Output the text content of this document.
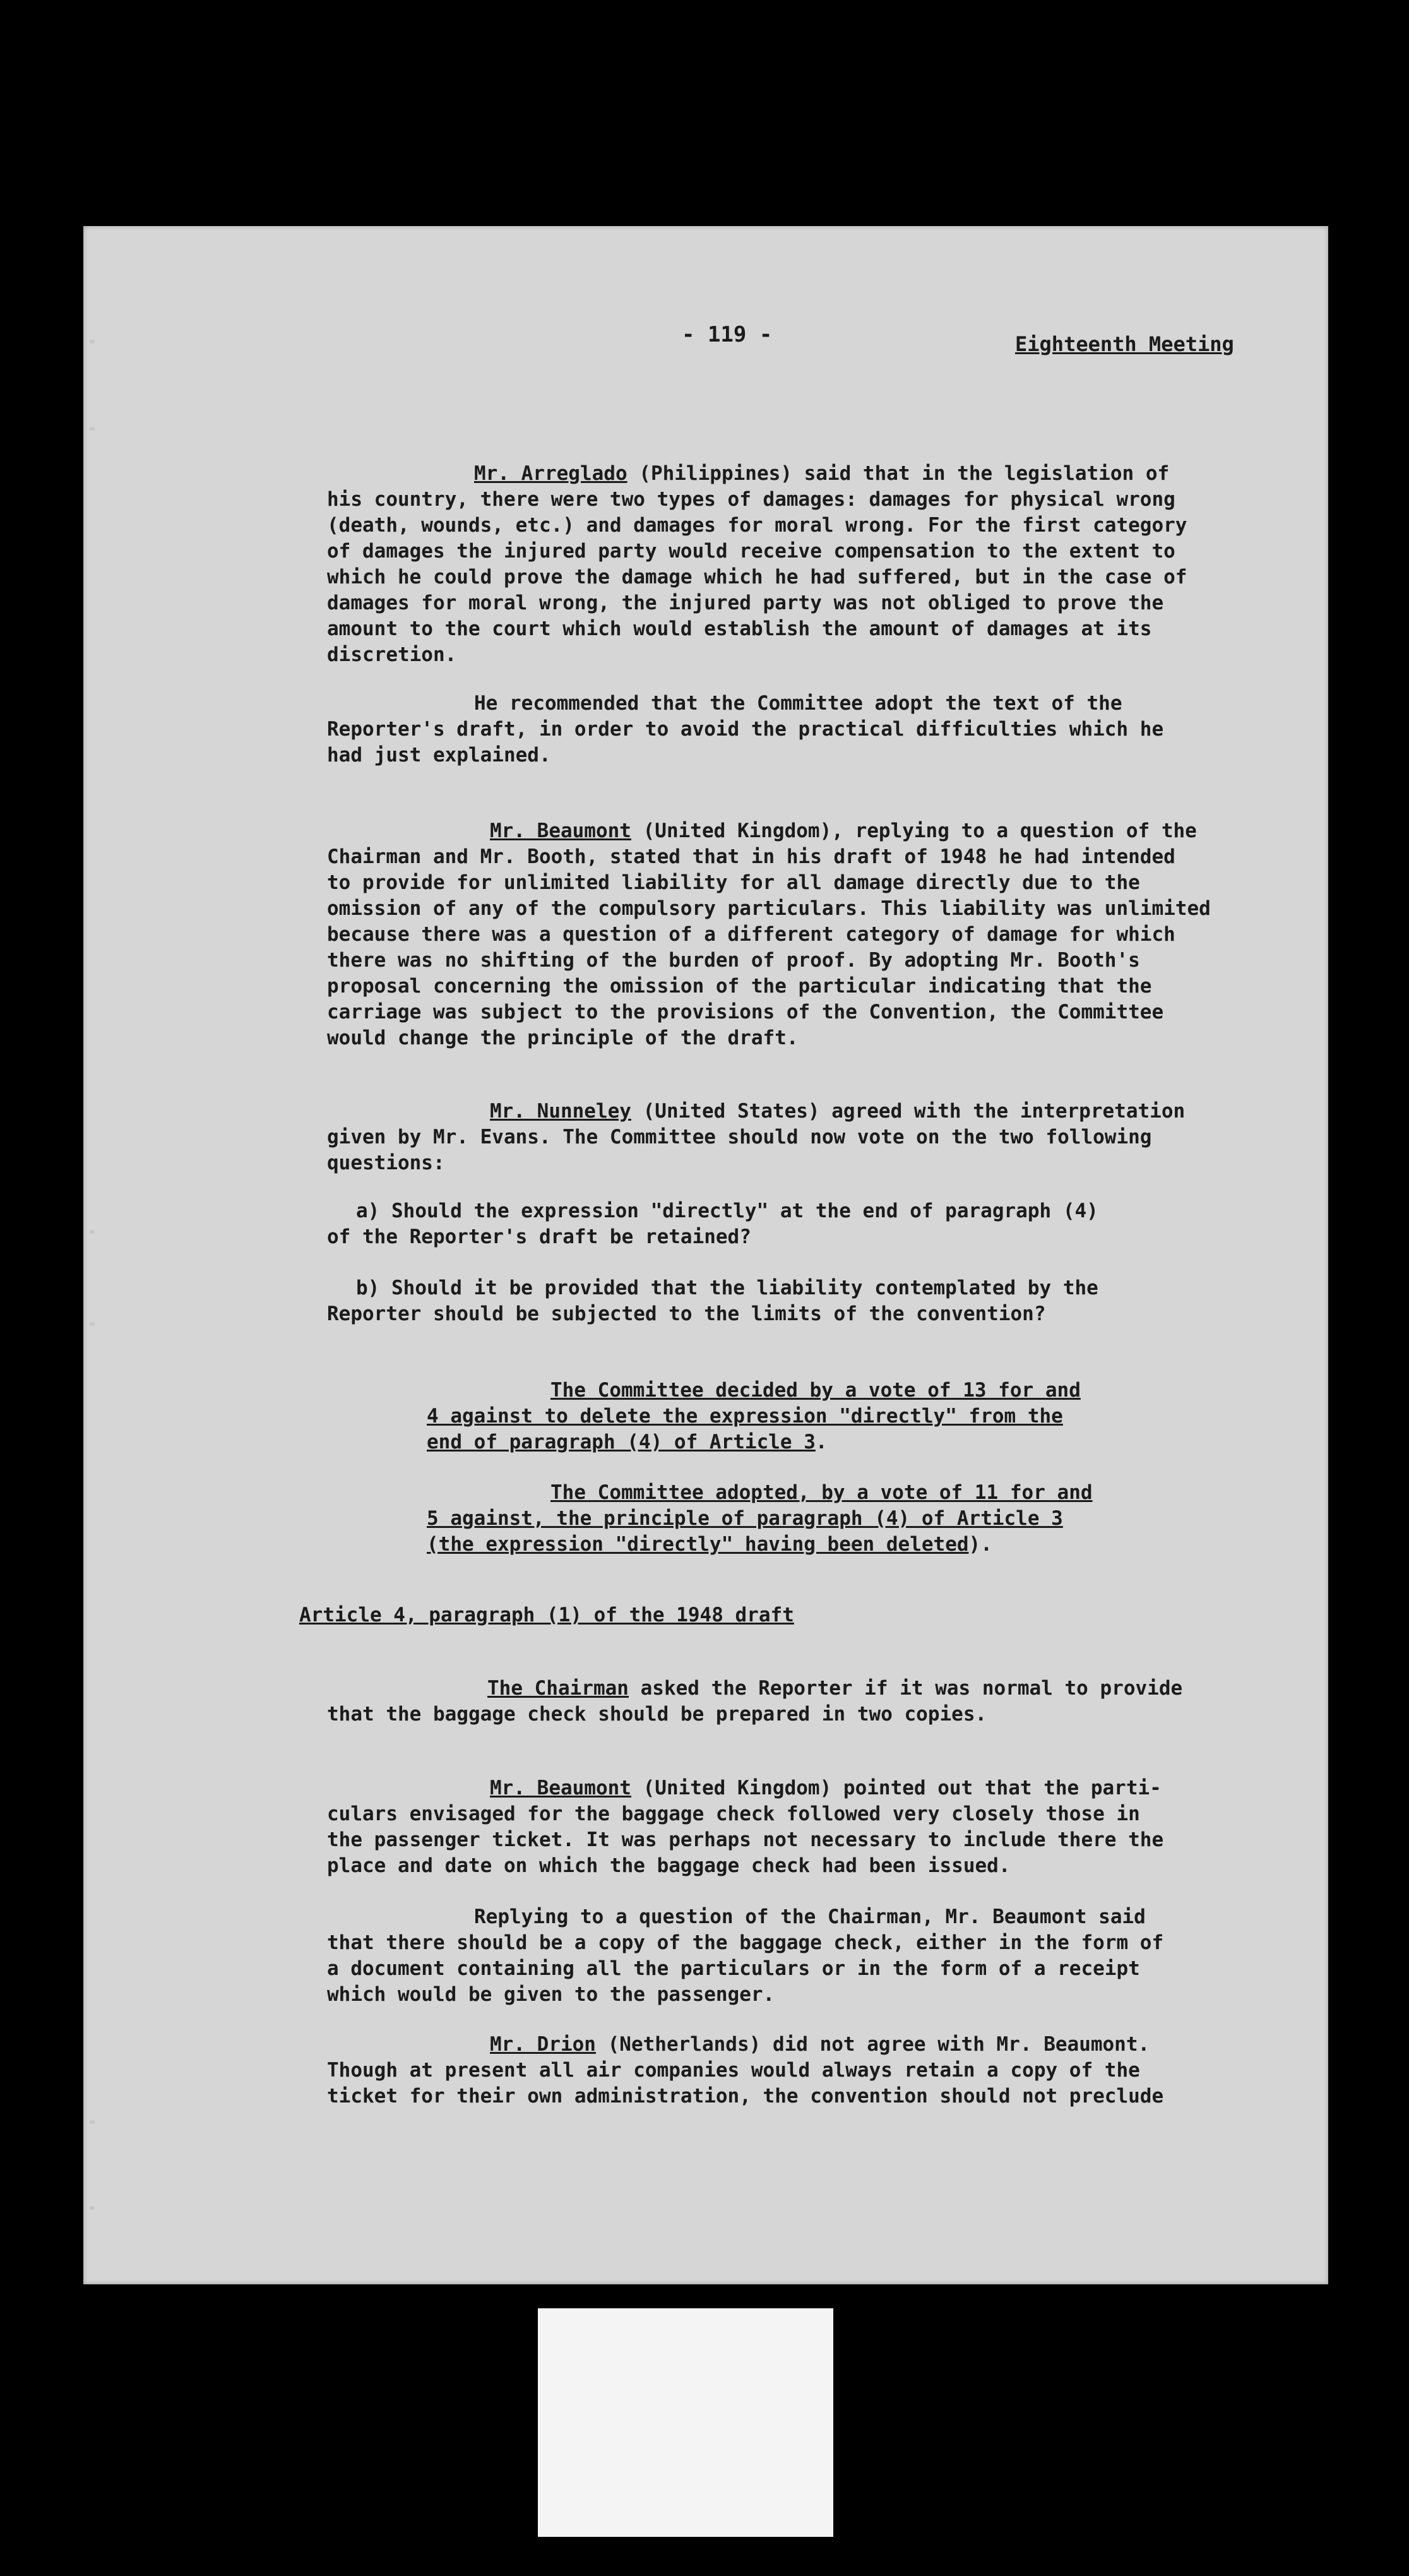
- 119 -	Eighteenth Meeting
Mr. Arreglado (Philippines) said that in the legislation of
his country, there were two types of damages: damages for physical wrong
(death, wounds, etc.) and damages for moral wrong. For the first category
of damages the injured party would receive compensation to the extent to
which he could prove the damage which he had suffered, but in the case of
damages for moral wrong, the injured party was not obliged to prove the
amount to the court which would establish the amount of damages at its
discretion.
He recommended that the Committee adopt the text of the
Reporter's draft, in order to avoid the practical difficulties which he
had just explained.
Mr. Beaumont (United Kingdom), replying to a question of the
Chairman and Mr. Booth, stated that in his draft of 1948 he had intended
to provide for unlimited liability for all damage directly due to the
omission of any of the compulsory particulars. This liability was unlimited
because there was a question of a different category of damage for which
there was no shifting of the burden of proof. By adopting Mr. Booth's
proposal concerning the omission of the particular indicating that the
carriage was subject to the provisions of the Convention, the Committee
would change the principle of the draft.
Mr. Nunneley (United States) agreed with the interpretation
given by Mr. Evans. The Committee should now vote on the two following
questions:
a) Should the expression "directly" at the end of paragraph (4)
of the Reporter's draft be retained?
b) Should it be provided that the liability contemplated by the
Reporter should be subjected to the limits of the convention?
The Committee decided by a vote of 13 for and
4 against to delete the expression "directly" from the
end of paragraph (4) of Article 3.
The Committee adopted, by a vote of 11 for and
5 against, the principle of paragraph (4) of Article 3
(the expression "directly" having been deleted).
Article 4, paragraph (1) of the 1948 draft
The Chairman asked the Reporter if it was normal to provide
that the baggage check should be prepared in two copies.
Mr. Beaumont (United Kingdom) pointed out that the parti-
culars envisaged for the baggage check followed very closely those in
the passenger ticket. It was perhaps not necessary to include there the
place and date on which the baggage check had been issued.
Replying to a question of the Chairman, Mr. Beaumont said
that there should be a copy of the baggage check, either in the form of
a document containing all the particulars or in the form of a receipt
which would be given to the passenger.
Mr. Drion (Netherlands) did not agree with Mr. Beaumont.
Though at present all air companies would always retain a copy of the
ticket for their own administration, the convention should not preclude
